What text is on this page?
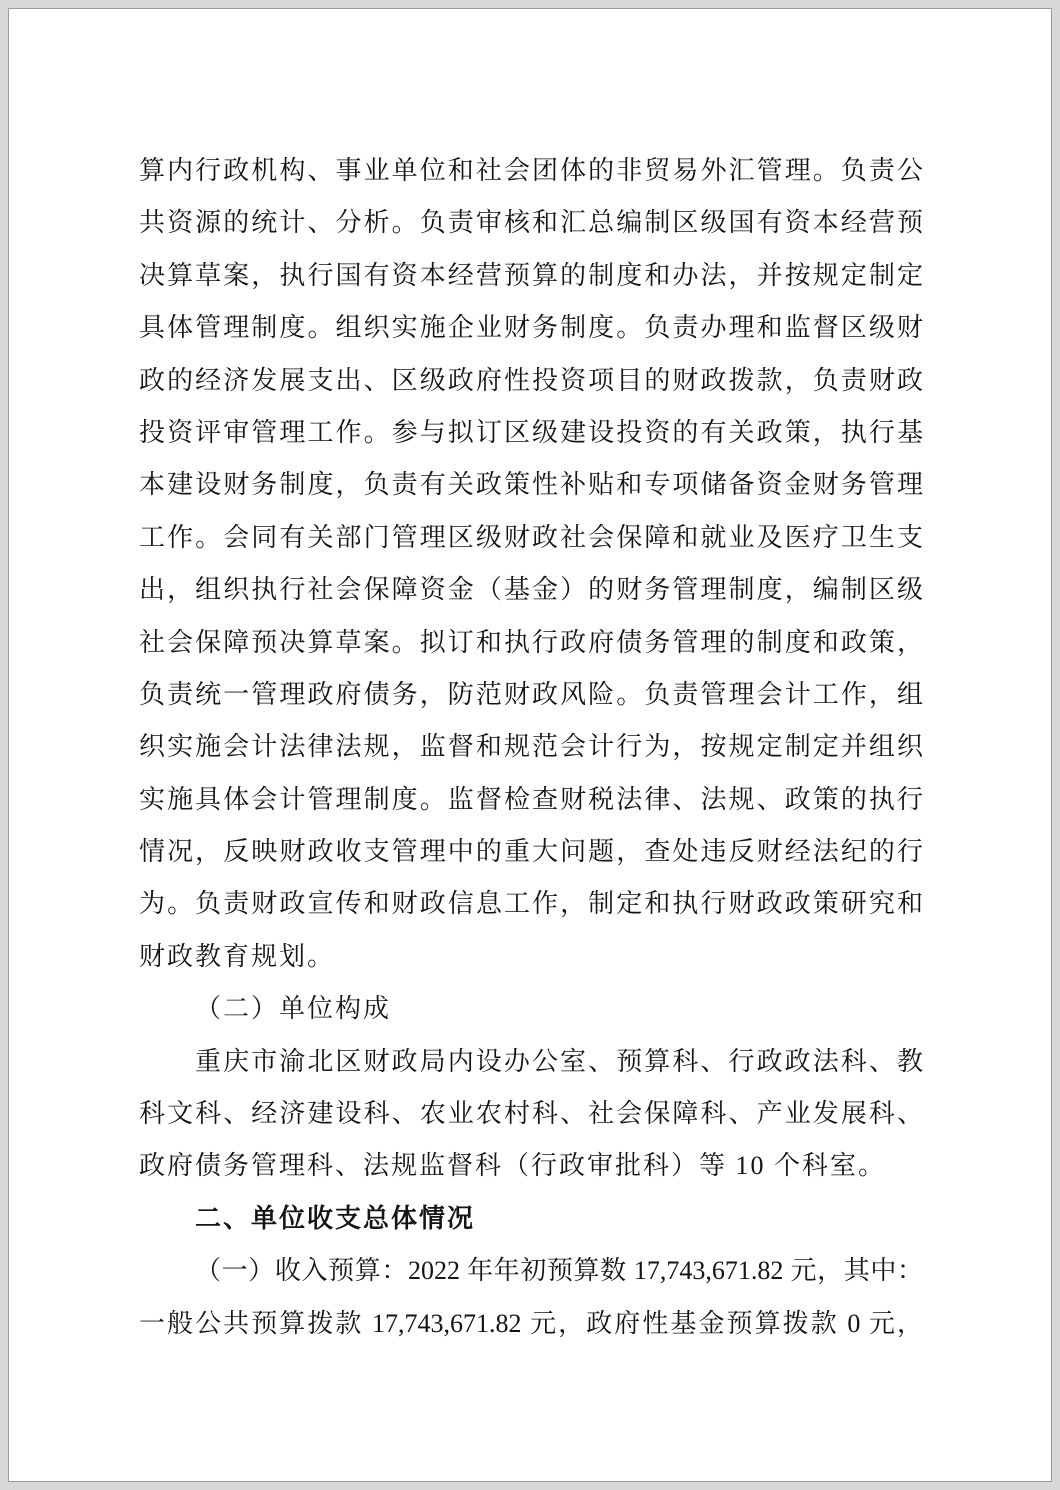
算内行政机构、事业单位和社会团体的非贸易外汇管理。负责公
共资源的统计、分析。负责审核和汇总编制区级国有资本经营预
决算草案，执行国有资本经营预算的制度和办法，并按规定制定
具体管理制度。组织实施企业财务制度。负责办理和监督区级财
政的经济发展支出、区级政府性投资项目的财政拨款，负责财政
投资评审管理工作。参与拟订区级建设投资的有关政策，执行基
本建设财务制度，负责有关政策性补贴和专项储备资金财务管理
工作。会同有关部门管理区级财政社会保障和就业及医疗卫生支
出，组织执行社会保障资金（基金）的财务管理制度，编制区级
社会保障预决算草案。拟订和执行政府债务管理的制度和政策，
负责统一管理政府债务，防范财政风险。负责管理会计工作，组
织实施会计法律法规，监督和规范会计行为，按规定制定并组织
实施具体会计管理制度。监督检查财税法律、法规、政策的执行
情况，反映财政收支管理中的重大问题，查处违反财经法纪的行
为。负责财政宣传和财政信息工作，制定和执行财政政策研究和
财政教育规划。
（二）单位构成
重庆市渝北区财政局内设办公室、预算科、行政政法科、教
科文科、经济建设科、农业农村科、社会保障科、产业发展科、
政府债务管理科、法规监督科（行政审批科）等 10 个科室。
二、单位收支总体情况
（一）收入预算：2022 年年初预算数 17,743,671.82 元，其中：
一般公共预算拨款 17,743,671.82 元，政府性基金预算拨款 0 元，
